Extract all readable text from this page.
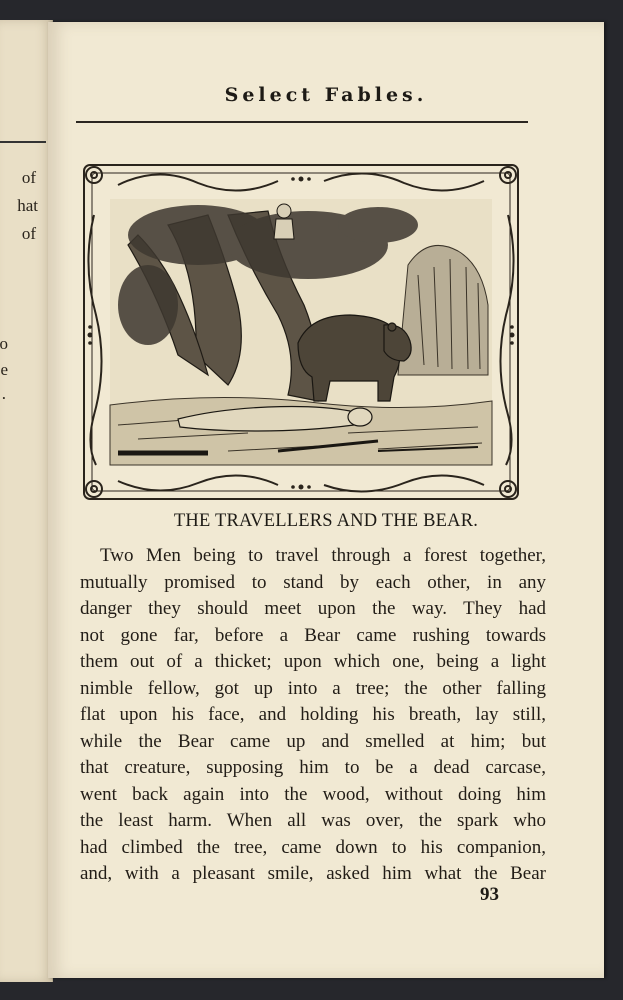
of
hat
of
o
e
.
Select Fables.
THE TRAVELLERS AND THE BEAR.
Two Men being to travel through a forest together,
mutually promised to stand by each other, in any
danger they should meet upon the way. They had
not gone far, before a Bear came rushing towards
them out of a thicket; upon which one, being a light
nimble fellow, got up into a tree; the other falling
flat upon his face, and holding his breath, lay still,
while the Bear came up and smelled at him; but
that creature, supposing him to be a dead carcase,
went back again into the wood, without doing him
the least harm. When all was over, the spark who
had climbed the tree, came down to his companion,
and, with a pleasant smile, asked him what the Bear
93
